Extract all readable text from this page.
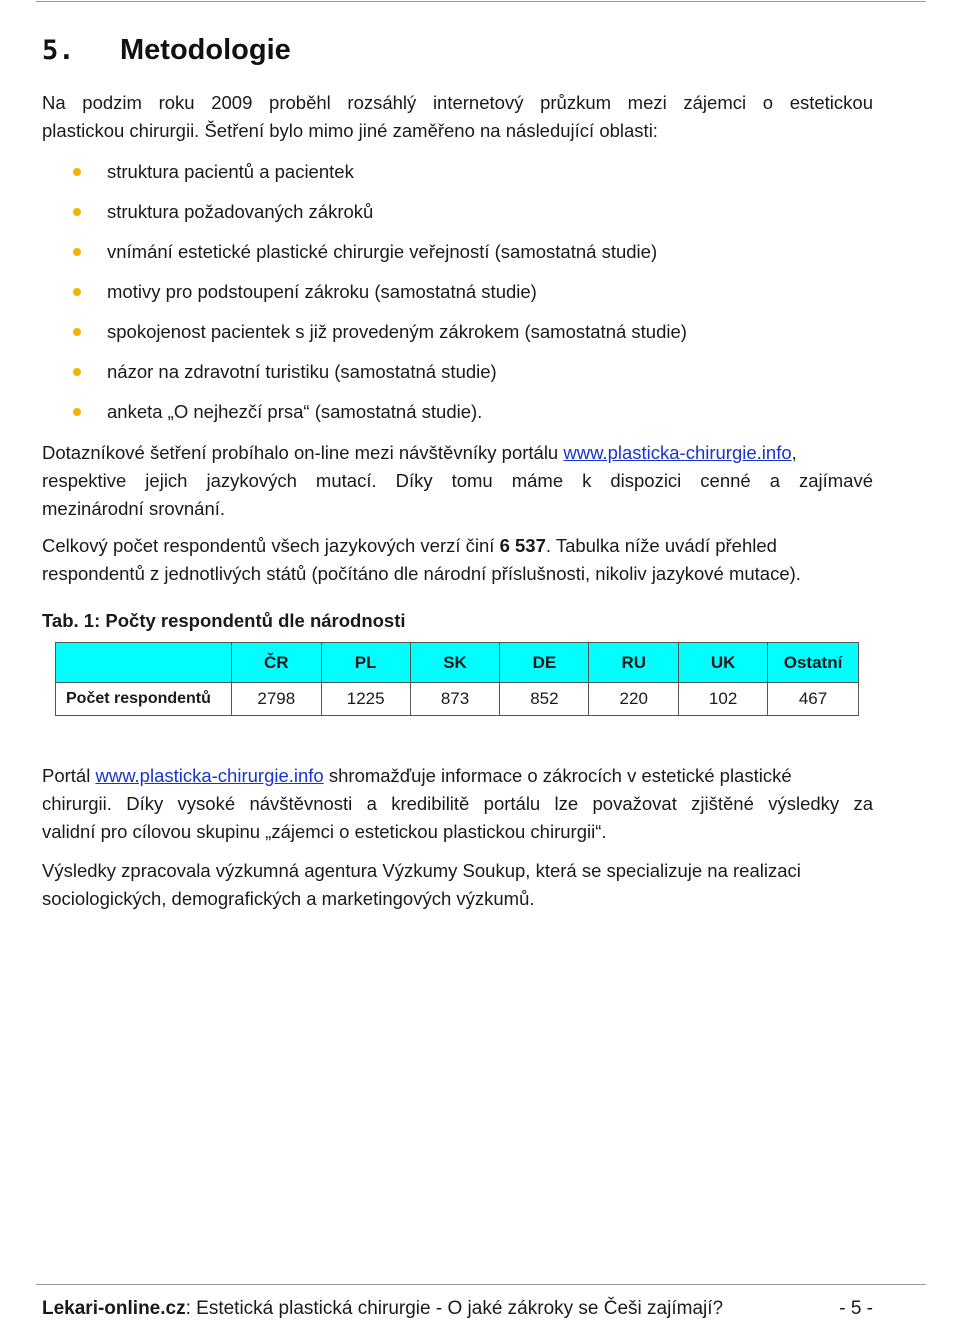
5. Metodologie
Na podzim roku 2009 proběhl rozsáhlý internetový průzkum mezi zájemci o estetickou
plastickou chirurgii. Šetření bylo mimo jiné zaměřeno na následující oblasti:
struktura pacientů a pacientek
struktura požadovaných zákroků
vnímání estetické plastické chirurgie veřejností (samostatná studie)
motivy pro podstoupení zákroku (samostatná studie)
spokojenost pacientek s již provedeným zákrokem (samostatná studie)
názor na zdravotní turistiku (samostatná studie)
anketa „O nejhezčí prsa“ (samostatná studie).
Dotazníkové šetření probíhalo on-line mezi návštěvníky portálu www.plasticka-chirurgie.info,
respektive jejich jazykových mutací. Díky tomu máme k dispozici cenné a zajímavé
mezinárodní srovnání.
Celkový počet respondentů všech jazykových verzí činí 6 537. Tabulka níže uvádí přehled
respondentů z jednotlivých států (počítáno dle národní příslušnosti, nikoliv jazykové mutace).
Tab. 1: Počty respondentů dle národnosti
	ČR	PL	SK	DE	RU	UK	Ostatní
Počet respondentů	2798	1225	873	852	220	102	467
Portál www.plasticka-chirurgie.info shromažďuje informace o zákrocích v estetické plastické
chirurgii. Díky vysoké návštěvnosti a kredibilitě portálu lze považovat zjištěné výsledky za
validní pro cílovou skupinu „zájemci o estetickou plastickou chirurgii“.
Výsledky zpracovala výzkumná agentura Výzkumy Soukup, která se specializuje na realizaci
sociologických, demografických a marketingových výzkumů.
Lekari-online.cz: Estetická plastická chirurgie - O jaké zákroky se Češi zajímají?	- 5 -
